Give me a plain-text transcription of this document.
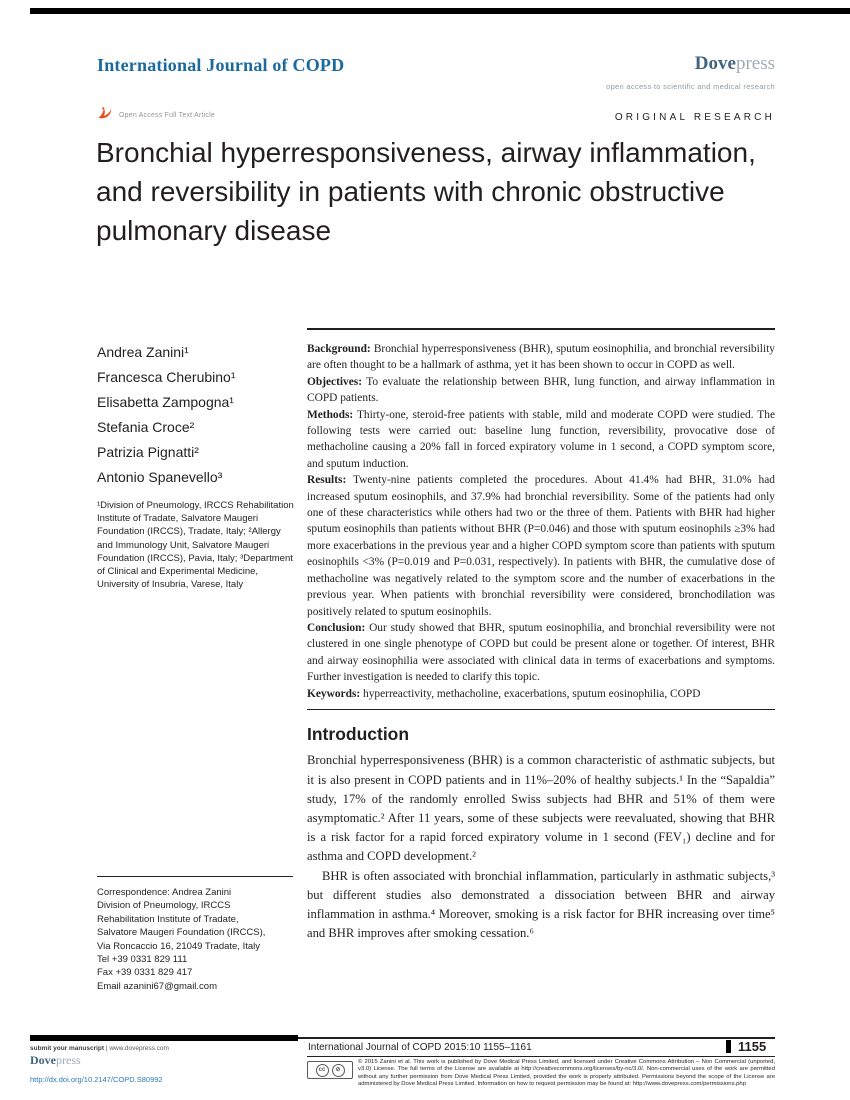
International Journal of COPD	Dovepress
open access to scientific and medical research
Open Access Full Text Article	ORIGINAL RESEARCH
Bronchial hyperresponsiveness, airway inflammation, and reversibility in patients with chronic obstructive pulmonary disease
Andrea Zanini¹
Francesca Cherubino¹
Elisabetta Zampogna¹
Stefania Croce²
Patrizia Pignatti²
Antonio Spanevello³
¹Division of Pneumology, IRCCS Rehabilitation Institute of Tradate, Salvatore Maugeri Foundation (IRCCS), Tradate, Italy; ²Allergy and Immunology Unit, Salvatore Maugeri Foundation (IRCCS), Pavia, Italy; ³Department of Clinical and Experimental Medicine, University of Insubria, Varese, Italy
Correspondence: Andrea Zanini
Division of Pneumology, IRCCS
Rehabilitation Institute of Tradate,
Salvatore Maugeri Foundation (IRCCS),
Via Roncaccio 16, 21049 Tradate, Italy
Tel +39 0331 829 111
Fax +39 0331 829 417
Email azanini67@gmail.com

Background: Bronchial hyperresponsiveness (BHR), sputum eosinophilia, and bronchial reversibility are often thought to be a hallmark of asthma, yet it has been shown to occur in COPD as well.

Objectives: To evaluate the relationship between BHR, lung function, and airway inflammation in COPD patients.

Methods: Thirty-one, steroid-free patients with stable, mild and moderate COPD were studied. The following tests were carried out: baseline lung function, reversibility, provocative dose of methacholine causing a 20% fall in forced expiratory volume in 1 second, a COPD symptom score, and sputum induction.

Results: Twenty-nine patients completed the procedures. About 41.4% had BHR, 31.0% had increased sputum eosinophils, and 37.9% had bronchial reversibility. Some of the patients had only one of these characteristics while others had two or the three of them. Patients with BHR had higher sputum eosinophils than patients without BHR (P=0.046) and those with sputum eosinophils ≥3% had more exacerbations in the previous year and a higher COPD symptom score than patients with sputum eosinophils <3% (P=0.019 and P=0.031, respectively). In patients with BHR, the cumulative dose of methacholine was negatively related to the symptom score and the number of exacerbations in the previous year. When patients with bronchial reversibility were considered, bronchodilation was positively related to sputum eosinophils.

Conclusion: Our study showed that BHR, sputum eosinophilia, and bronchial reversibility were not clustered in one single phenotype of COPD but could be present alone or together. Of interest, BHR and airway eosinophilia were associated with clinical data in terms of exacerbations and symptoms. Further investigation is needed to clarify this topic.

Keywords: hyperreactivity, methacholine, exacerbations, sputum eosinophilia, COPD

Introduction

Bronchial hyperresponsiveness (BHR) is a common characteristic of asthmatic subjects, but it is also present in COPD patients and in 11%–20% of healthy subjects.¹ In the “Sapaldia” study, 17% of the randomly enrolled Swiss subjects had BHR and 51% of them were asymptomatic.² After 11 years, some of these subjects were reevaluated, showing that BHR is a risk factor for a rapid forced expiratory volume in 1 second (FEV₁) decline and for asthma and COPD development.²

BHR is often associated with bronchial inflammation, particularly in asthmatic subjects,³ but different studies also demonstrated a dissociation between BHR and airway inflammation in asthma.⁴ Moreover, smoking is a risk factor for BHR increasing over time⁵ and BHR improves after smoking cessation.⁶

submit your manuscript | www.dovepress.com
Dovepress
http://dx.doi.org/10.2147/COPD.S80992
International Journal of COPD 2015:10 1155–1161	1155
cc	⊘
© 2015 Zanini et al. This work is published by Dove Medical Press Limited, and licensed under Creative Commons Attribution – Non Commercial (unported, v3.0) License. The full terms of the License are available at http://creativecommons.org/licenses/by-nc/3.0/. Non-commercial uses of the work are permitted without any further permission from Dove Medical Press Limited, provided the work is properly attributed. Permissions beyond the scope of the License are administered by Dove Medical Press Limited. Information on how to request permission may be found at: http://www.dovepress.com/permissions.php
